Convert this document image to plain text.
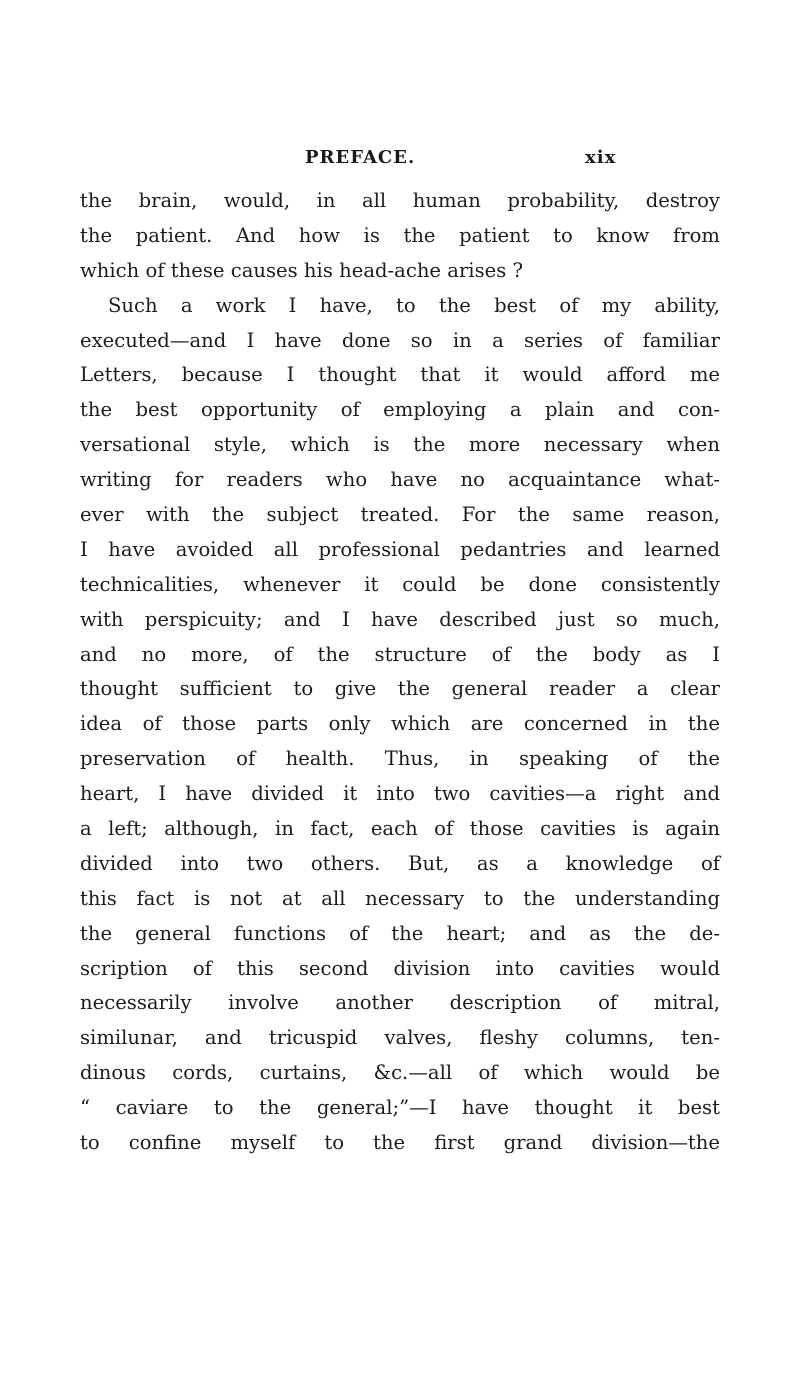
PREFACE.	xix
the brain, would, in all human probability, destroy
the patient. And how is the patient to know from
which of these causes his head-ache arises ?
Such a work I have, to the best of my ability,
executed—and I have done so in a series of familiar
Letters, because I thought that it would afford me
the best opportunity of employing a plain and con-
versational style, which is the more necessary when
writing for readers who have no acquaintance what-
ever with the subject treated. For the same reason,
I have avoided all professional pedantries and learned
technicalities, whenever it could be done consistently
with perspicuity; and I have described just so much,
and no more, of the structure of the body as I
thought sufficient to give the general reader a clear
idea of those parts only which are concerned in the
preservation of health. Thus, in speaking of the
heart, I have divided it into two cavities—a right and
a left; although, in fact, each of those cavities is again
divided into two others. But, as a knowledge of
this fact is not at all necessary to the understanding
the general functions of the heart; and as the de-
scription of this second division into cavities would
necessarily involve another description of mitral,
similunar, and tricuspid valves, fleshy columns, ten-
dinous cords, curtains, &c.—all of which would be
“ caviare to the general;”—I have thought it best
to confine myself to the first grand division—the
